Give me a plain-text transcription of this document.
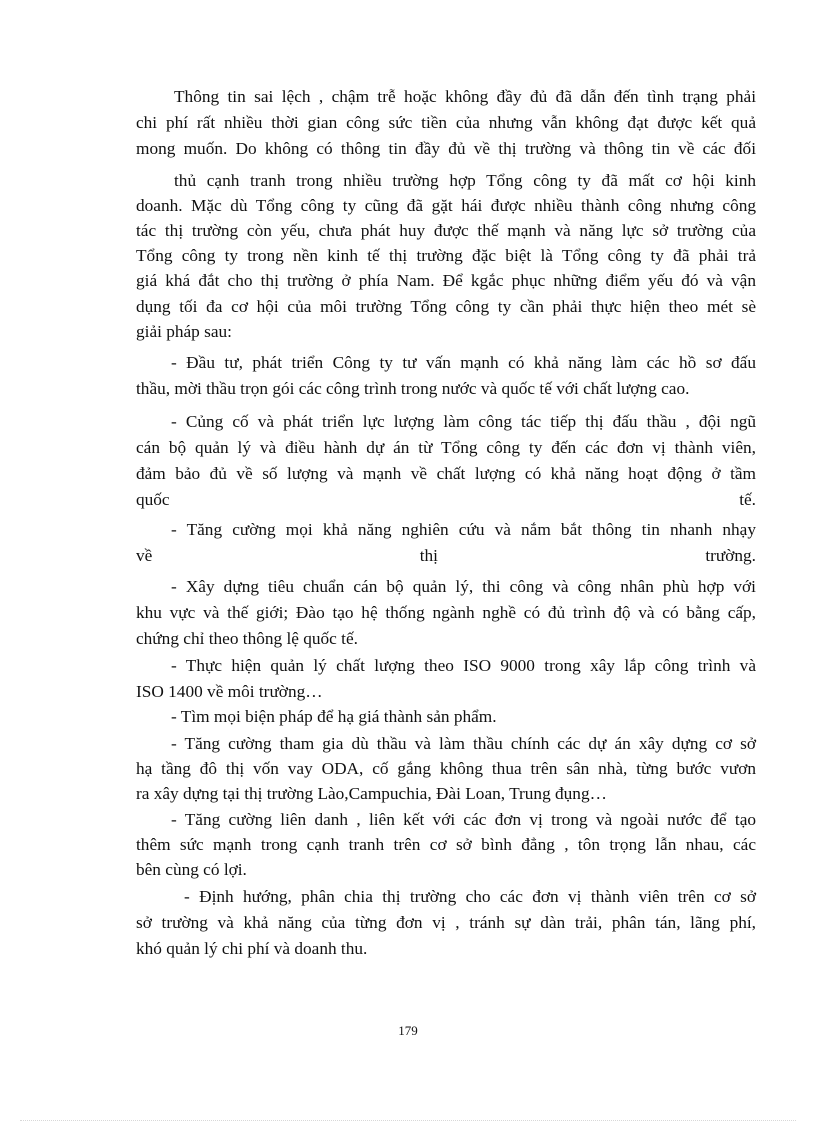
Thông tin sai lệch , chậm trễ hoặc không đầy đủ đã dẫn đến tình trạng phải
chi phí rất nhiều thời gian công sức tiền của nhưng vẫn không đạt được kết quả
mong muốn. Do không có thông tin đầy đủ về thị trường và thông tin về các đối
thủ cạnh tranh trong nhiều trường hợp Tổng công ty đã mất cơ hội kinh
doanh. Mặc dù Tổng công ty cũng đã gặt hái được nhiều thành công nhưng công
tác thị trường còn yếu, chưa phát huy được thế mạnh và năng lực sở trường của
Tổng công ty trong nền kinh tế thị trường đặc biệt là Tổng công ty đã phải trả
giá khá đắt cho thị trường ở phía Nam. Để kgắc phục những điểm yếu đó và vận
dụng tối đa cơ hội của môi trường Tổng công ty cần phải thực hiện theo mét sè
giải pháp sau:
- Đầu tư, phát triển Công ty tư vấn mạnh có khả năng làm các hồ sơ đấu
thầu, mời thầu trọn gói các công trình trong nước và quốc tế với chất lượng cao.
- Củng cố và phát triển lực lượng làm công tác tiếp thị đấu thầu , đội ngũ
cán bộ quản lý và điều hành dự án từ Tổng công ty đến các đơn vị thành viên,
đảm bảo đủ về số lượng và mạnh về chất lượng có khả năng hoạt động ở tầm
quốc tế.
- Tăng cường mọi khả năng nghiên cứu và nắm bắt thông tin nhanh nhạy
về thị trường.
- Xây dựng tiêu chuẩn cán bộ quản lý, thi công và công nhân phù hợp với
khu vực và thế giới; Đào tạo hệ thống ngành nghề có đủ trình độ và có bằng cấp,
chứng chỉ theo thông lệ quốc tế.
- Thực hiện quản lý chất lượng theo ISO 9000 trong xây lắp công trình và
ISO 1400 về môi trường…
- Tìm mọi biện pháp để hạ giá thành sản phẩm.
- Tăng cường tham gia dù thầu và làm thầu chính các dự án xây dựng cơ sở
hạ tầng đô thị vốn vay ODA, cố gắng không thua trên sân nhà, từng bước vươn
ra xây dựng tại thị trường Lào,Campuchia, Đài Loan, Trung đụng…
- Tăng cường liên danh , liên kết với các đơn vị trong và ngoài nước để tạo
thêm sức mạnh trong cạnh tranh trên cơ sở bình đẳng , tôn trọng lẫn nhau, các
bên cùng có lợi.
- Định hướng, phân chia thị trường cho các đơn vị thành viên trên cơ sở
sở trường và khả năng của từng đơn vị , tránh sự dàn trải, phân tán, lãng phí,
khó quản lý chi phí và doanh thu.
179
